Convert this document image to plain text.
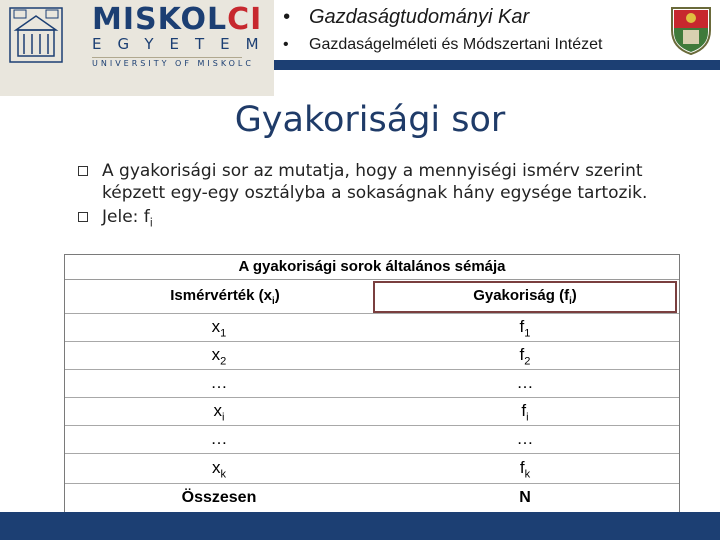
MISKOLCI
EGYETEM
UNIVERSITY OF MISKOLC
• Gazdaságtudományi Kar
• Gazdaságelméleti és Módszertani Intézet
Gyakorisági sor
A gyakorisági sor az mutatja, hogy a mennyiségi ismérv szerint képzett egy-egy osztályba a sokaságnak hány egysége tartozik.
Jele: $f_i$
A gyakorisági sorok általános sémája
Ismérvérték $(x_i)$	Gyakoriság $(f_i)$
$x_1$	$f_1$
$x_2$	$f_2$
…	…
$x_i$	$f_i$
…	…
$x_k$	$f_k$
Összesen	N
